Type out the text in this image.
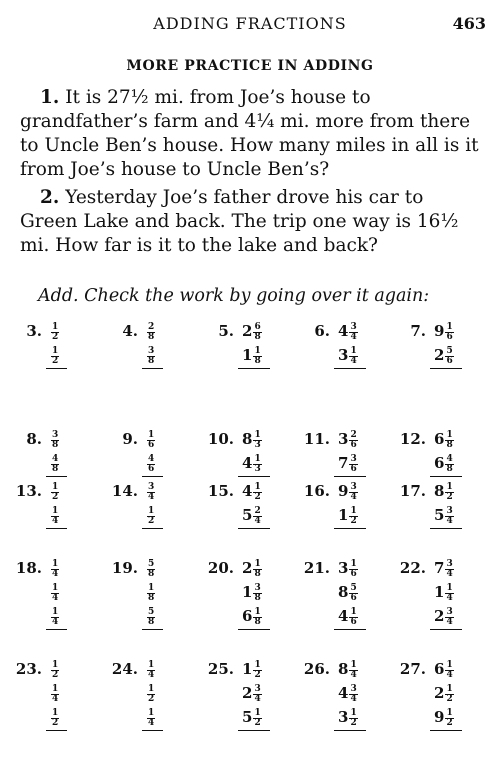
ADDING FRACTIONS	463
MORE PRACTICE IN ADDING

1. It is 27½ mi. from Joe’s house to grandfather’s farm and 4¼ mi. more from there to Uncle Ben’s house. How many miles in all is it from Joe’s house to Uncle Ben’s?

2. Yesterday Joe’s father drove his car to Green Lake and back. The trip one way is 16½ mi. How far is it to the lake and back?

Add. Check the work by going over it again:
3. $\frac{1}{2}$
$\frac{1}{2}$
4. $\frac{2}{8}$
$\frac{3}{8}$
5. $2 \frac{6}{8}$
$1 \frac{1}{8}$
6. $4 \frac{3}{4}$
$3 \frac{1}{4}$
7. $9 \frac{1}{6}$
$2 \frac{5}{6}$
8. $\frac{3}{8}$
$\frac{4}{8}$
9. $\frac{1}{6}$
$\frac{4}{6}$
10. $8 \frac{1}{3}$
$4 \frac{1}{3}$
11. $3 \frac{2}{6}$
$7 \frac{3}{6}$
12. $6 \frac{1}{8}$
$6 \frac{4}{8}$
13. $\frac{1}{2}$
$\frac{1}{4}$
14. $\frac{3}{4}$
$\frac{1}{2}$
15. $4 \frac{1}{2}$
$5 \frac{2}{4}$
16. $9 \frac{3}{4}$
$1 \frac{1}{2}$
17. $8 \frac{1}{2}$
$5 \frac{3}{4}$
18. $\frac{1}{4}$
$\frac{1}{4}$
$\frac{1}{4}$
19. $\frac{5}{8}$
$\frac{1}{8}$
$\frac{5}{8}$
20. $2 \frac{1}{8}$
$1 \frac{3}{8}$
$6 \frac{1}{8}$
21. $3 \frac{1}{6}$
$8 \frac{5}{6}$
$4 \frac{1}{6}$
22. $7 \frac{3}{4}$
$1 \frac{1}{4}$
$2 \frac{3}{4}$
23. $\frac{1}{2}$
$\frac{1}{4}$
$\frac{1}{2}$
24. $\frac{1}{4}$
$\frac{1}{2}$
$\frac{1}{4}$
25. $1 \frac{1}{2}$
$2 \frac{3}{4}$
$5 \frac{1}{2}$
26. $8 \frac{1}{4}$
$4 \frac{3}{4}$
$3 \frac{1}{2}$
27. $6 \frac{1}{4}$
$2 \frac{1}{2}$
$9 \frac{1}{2}$
